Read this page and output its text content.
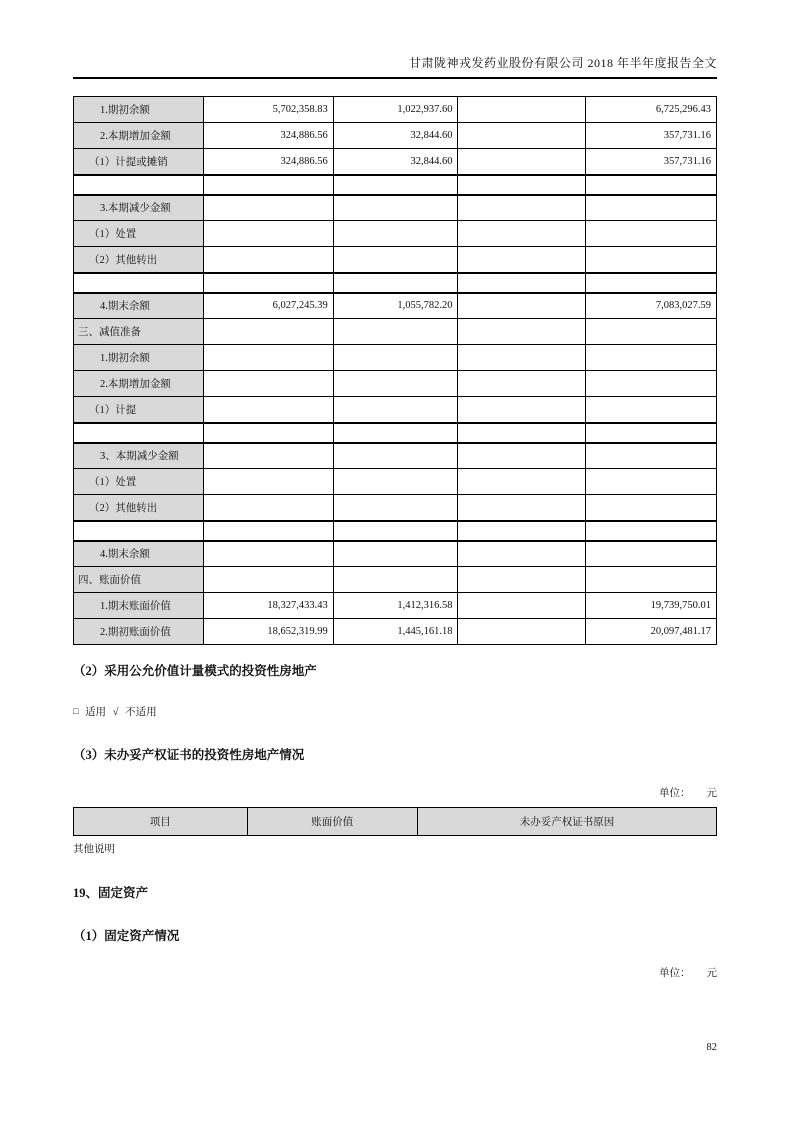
甘肃陇神戎发药业股份有限公司 2018 年半年度报告全文
1.期初余额	5,702,358.83	1,022,937.60		6,725,296.43
2.本期增加金额	324,886.56	32,844.60		357,731.16
（1）计提或摊销	324,886.56	32,844.60		357,731.16

3.本期减少金额				
（1）处置				
（2）其他转出				

4.期末余额	6,027,245.39	1,055,782.20		7,083,027.59
三、减值准备				
1.期初余额				
2.本期增加金额				
（1）计提				

3、本期减少金额				
（1）处置				
（2）其他转出				

4.期末余额				
四、账面价值				
1.期末账面价值	18,327,433.43	1,412,316.58		19,739,750.01
2.期初账面价值	18,652,319.99	1,445,161.18		20,097,481.17
（2）采用公允价值计量模式的投资性房地产
□ 适用 √ 不适用
（3）未办妥产权证书的投资性房地产情况
单位： 元
项目	账面价值	未办妥产权证书原因
其他说明
19、固定资产
（1）固定资产情况
单位： 元
82
